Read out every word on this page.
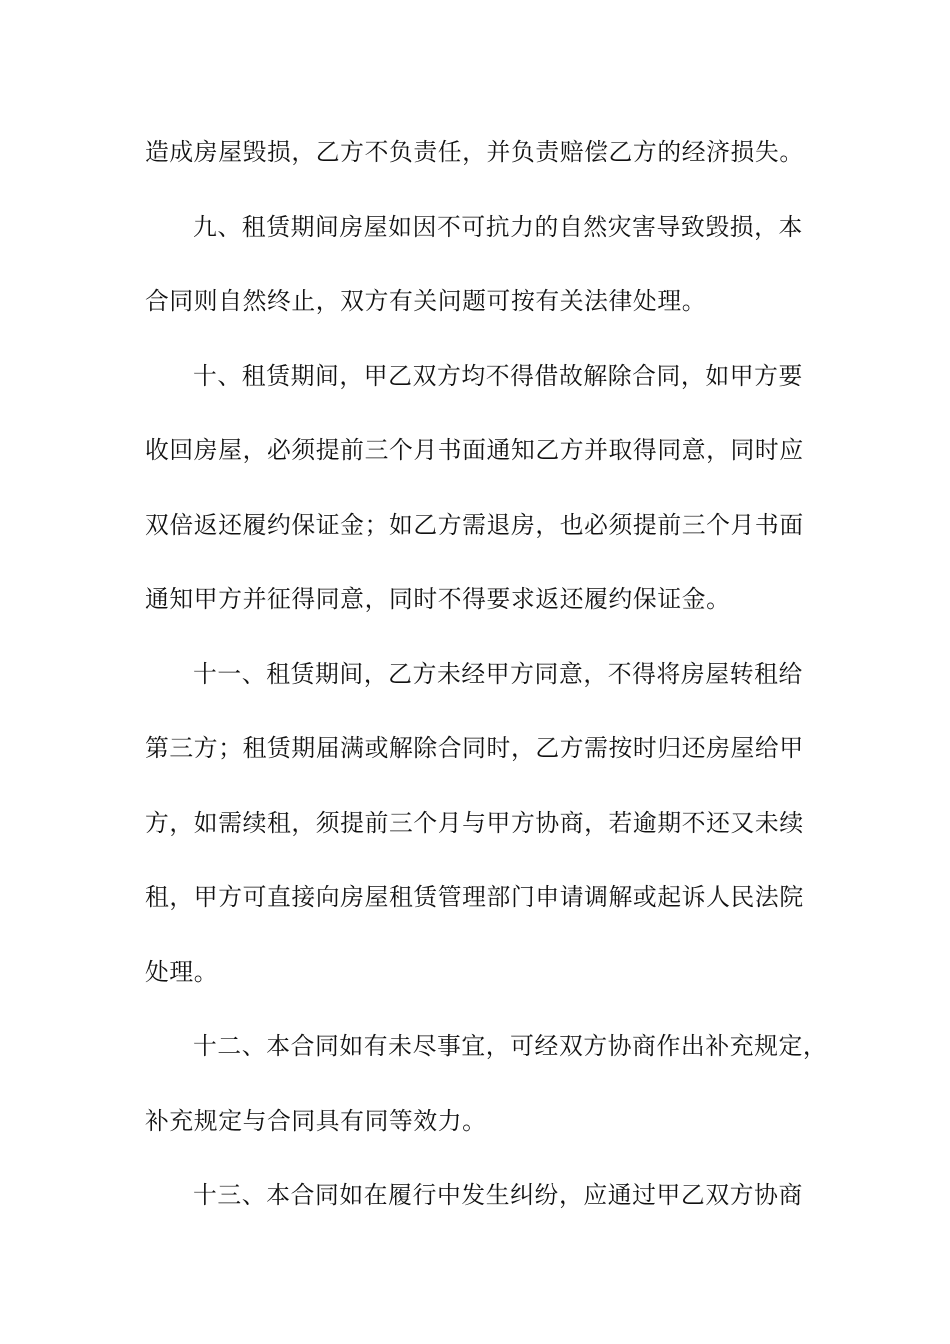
造成房屋毁损，乙方不负责任，并负责赔偿乙方的经济损失。
九、租赁期间房屋如因不可抗力的自然灾害导致毁损，本
合同则自然终止，双方有关问题可按有关法律处理。
十、租赁期间，甲乙双方均不得借故解除合同，如甲方要
收回房屋，必须提前三个月书面通知乙方并取得同意，同时应
双倍返还履约保证金；如乙方需退房，也必须提前三个月书面
通知甲方并征得同意，同时不得要求返还履约保证金。
十一、租赁期间，乙方未经甲方同意，不得将房屋转租给
第三方；租赁期届满或解除合同时，乙方需按时归还房屋给甲
方，如需续租，须提前三个月与甲方协商，若逾期不还又未续
租，甲方可直接向房屋租赁管理部门申请调解或起诉人民法院
处理。
十二、本合同如有未尽事宜，可经双方协商作出补充规定，
补充规定与合同具有同等效力。
十三、本合同如在履行中发生纠纷，应通过甲乙双方协商
